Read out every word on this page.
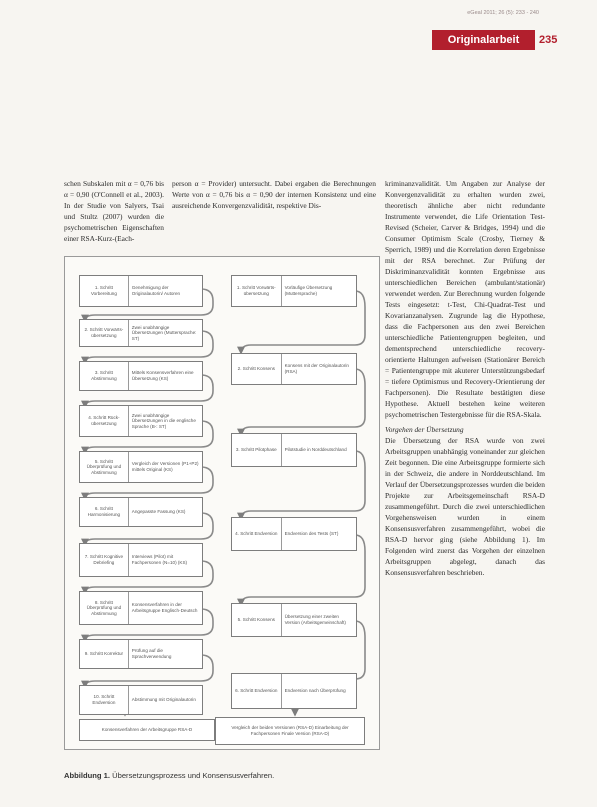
eGeal 2011; 26 (5): 233 - 240
Originalarbeit	235

schen Subskalen mit α = 0,76 bis α = 0,90 (O'Connell et al., 2003). In der Studie von Salyers, Tsai und Stultz (2007) wurden die psychometrischen Eigenschaften einer RSA-Kurz-(Each-

person α = Provider) untersucht. Dabei ergaben die Berechnungen Werte von α = 0,76 bis α = 0,90 der internen Konsistenz und eine ausreichende Konvergenzvalidität, respektive Dis-

kriminanzvalidität. Um Angaben zur Analyse der Konvergenzvalidität zu erhalten wurden zwei, theoretisch ähnliche aber nicht redundante Instrumente verwendet, die Life Orientation Test-Revised (Scheier, Carver & Bridges, 1994) und die Consumer Optimism Scale (Crosby, Tierney & Sperrich, 1989) und die Korrelation deren Ergebnisse mit der RSA berechnet. Zur Prüfung der Diskriminanzvalidität konnten Ergebnisse aus unterschiedlichen Bereichen (ambulant/stationär) verwendet werden. Zur Berechnung wurden folgende Tests eingesetzt: t-Test, Chi-Quadrat-Test und Kovarianzanalysen. Zugrunde lag die Hypothese, dass die Fachpersonen aus den zwei Bereichen unterschiedliche Patientengruppen begleiten, und dementsprechend unterschiedliche recovery-orientierte Haltungen aufweisen (Stationärer Bereich = Patientengruppe mit akuterer Unterstützungsbedarf = tiefere Optimismus und Recovery-Orientierung der Fachpersonen). Die Resultate bestätigten diese Hypothese. Aktuell bestehen keine weiteren psychometrischen Testergebnisse für die RSA-Skala.

Vorgehen der Übersetzung

Die Übersetzung der RSA wurde von zwei Arbeitsgruppen unabhängig voneinander zur gleichen Zeit begonnen. Die eine Arbeitsgruppe formierte sich in der Schweiz, die andere in Norddeutschland. Im Verlauf der Übersetzungsprozesses wurden die beiden Projekte zur Arbeitsgemeinschaft RSA-D zusammengeführt. Durch die zwei unterschiedlichen Vorgehensweisen wurden in einem Konsensusverfahren zusammengeführt, wobei die RSA-D hervor ging (siehe Abbildung 1). Im Folgenden wird zuerst das Vorgehen der einzelnen Arbeitsgruppen abgelegt, danach das Konsensusverfahren beschrieben.

1. Schritt Vorbereitung
Genehmigung der Originalautorin/ Autoren
2. Schritt Vorwärts-übersetzung
Zwei unabhängige Übersetzungen (Muttersprache: ST)
3. Schritt Abstimmung
Mittels Konsensverfahren eine Übersetzung (KS)
4. Schritt Rück-übersetzung
Zwei unabhängige Übersetzungen in die englische Sprache (B-: ST)
5. Schritt Überprüfung und Abstimmung
Vergleich der Versionen (P1+P2) mittels Original (KS)
6. Schritt Harmonisierung
Angepasste Fassung (KS)
7. Schritt Kognitive Debriefing
Interviews (Pilot) mit Fachpersonen (N=10) (KS)
8. Schritt Überprüfung und Abstimmung
Konsensverfahren in der Arbeitsgruppe Englisch-Deutsch
9. Schritt Korrektur
Prüfung auf die Sprachverwendung
10. Schritt Endversion
Abstimmung mit Originalautorin
1. Schritt Vorwärts-übersetzung
Vorläufige Übersetzung (Muttersprache)
2. Schritt Konsens
Konsens mit der Originalautorin (RSA)
3. Schritt Pilotphase	Pilotstudie in Norddeutschland
4. Schritt Endversion	Endversion des Tests (ST)
5. Schritt Konsens
Übersetzung einer zweiten Version (Arbeitsgemeinschaft)
6. Schritt Endversion	Endversion nach Überprüfung
Konsensverfahren der Arbeitsgruppe RSA-D	Vergleich der beiden Versionen (RSA-D) Einarbeitung der Fachpersonen Finale Version (RSA-D)
Abbildung 1. Übersetzungsprozess und Konsensusverfahren.
